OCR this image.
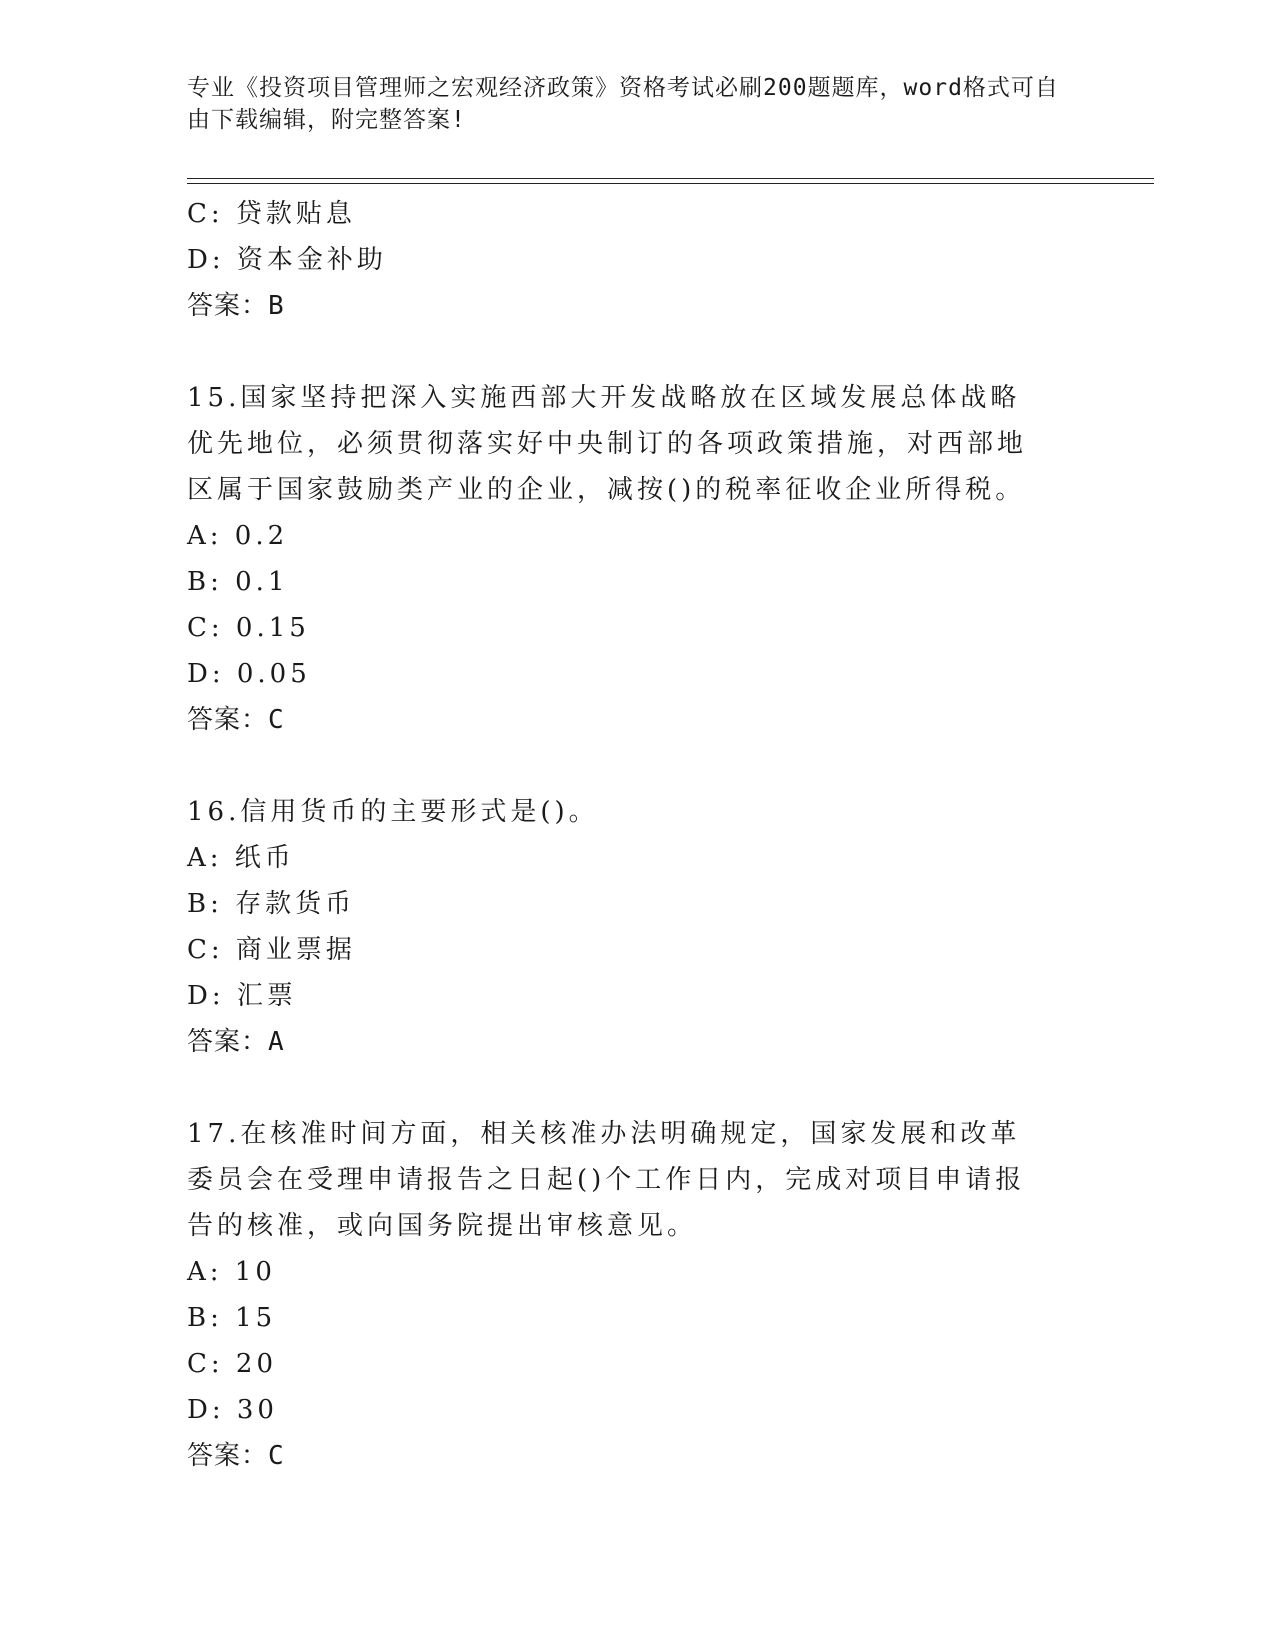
专业《投资项目管理师之宏观经济政策》资格考试必刷200题题库，word格式可自由下载编辑，附完整答案!
C: 贷款贴息
D: 资本金补助
答案：B
15.国家坚持把深入实施西部大开发战略放在区域发展总体战略优先地位，必须贯彻落实好中央制订的各项政策措施，对西部地区属于国家鼓励类产业的企业，减按()的税率征收企业所得税。
A: 0.2
B: 0.1
C: 0.15
D: 0.05
答案：C
16.信用货币的主要形式是()。
A: 纸币
B: 存款货币
C: 商业票据
D: 汇票
答案：A
17.在核准时间方面，相关核准办法明确规定，国家发展和改革委员会在受理申请报告之日起()个工作日内，完成对项目申请报告的核准，或向国务院提出审核意见。
A: 10
B: 15
C: 20
D: 30
答案：C
